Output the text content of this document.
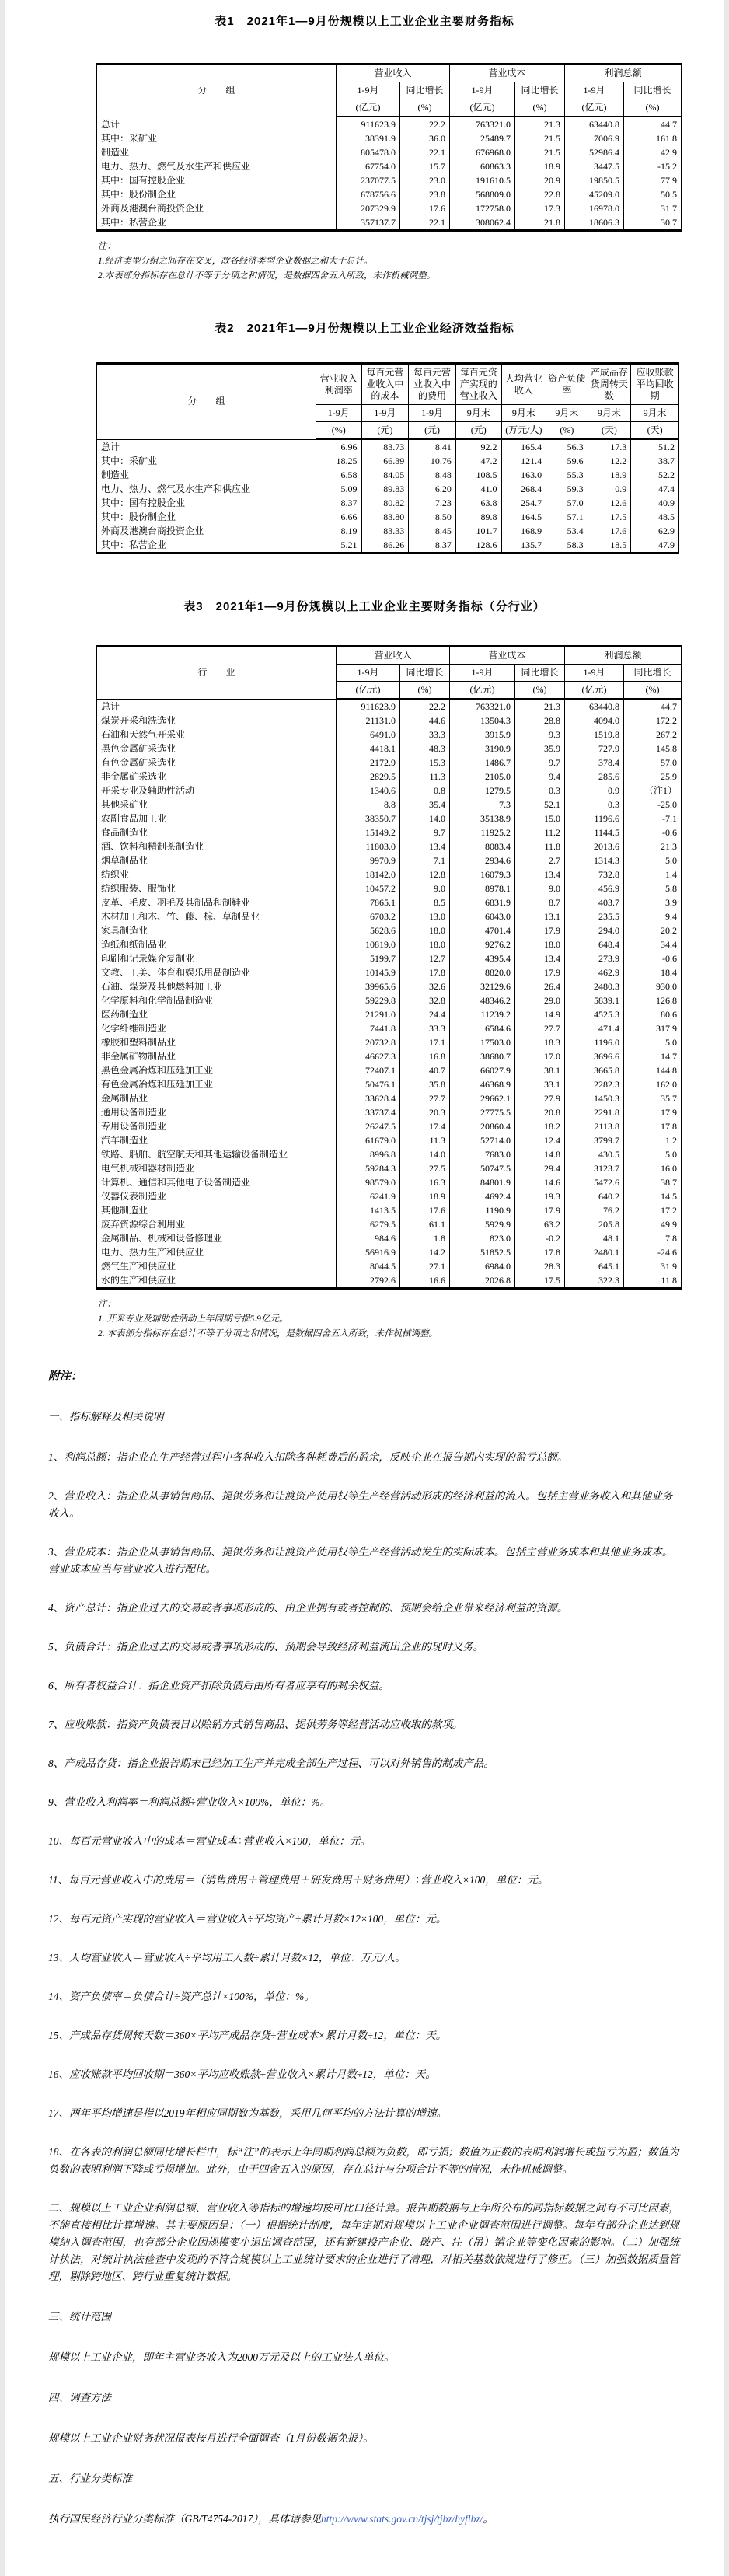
表1　2021年1—9月份规模以上工业企业主要财务指标
分　　组	营业收入		营业成本		利润总额	
	1-9月	同比增长	1-9月	同比增长	1-9月	同比增长
	(亿元)	(%)	(亿元)	(%)	(亿元)	(%)
总计	911623.9	22.2	763321.0	21.3	63440.8	44.7
其中：采矿业	38391.9	36.0	25489.7	21.5	7006.9	161.8
制造业	805478.0	22.1	676968.0	21.5	52986.4	42.9
电力、热力、燃气及水生产和供应业	67754.0	15.7	60863.3	18.9	3447.5	-15.2
其中：国有控股企业	237077.5	23.0	191610.5	20.9	19850.5	77.9
其中：股份制企业	678756.6	23.8	568809.0	22.8	45209.0	50.5
外商及港澳台商投资企业	207329.9	17.6	172758.0	17.3	16978.0	31.7
其中：私营企业	357137.7	22.1	308062.4	21.8	18606.3	30.7

注：

1.经济类型分组之间存在交叉，故各经济类型企业数据之和大于总计。

2.本表部分指标存在总计不等于分项之和情况，是数据四舍五入所致，未作机械调整。

表2　2021年1—9月份规模以上工业企业经济效益指标
分　　组	营业收入利润率	每百元营业收入中的成本	每百元营业收入中的费用	每百元资产实现的营业收入	人均营业收入	资产负债率	产成品存货周转天数	应收账款平均回收期
	1-9月	1-9月	1-9月	9月末	9月末	9月末	9月末	9月末
	(%)	(元)	(元)	(元)	(万元/人)	(%)	(天)	(天)
总计	6.96	83.73	8.41	92.2	165.4	56.3	17.3	51.2
其中：采矿业	18.25	66.39	10.76	47.2	121.4	59.6	12.2	38.7
制造业	6.58	84.05	8.48	108.5	163.0	55.3	18.9	52.2
电力、热力、燃气及水生产和供应业	5.09	89.83	6.20	41.0	268.4	59.3	0.9	47.4
其中：国有控股企业	8.37	80.82	7.23	63.8	254.7	57.0	12.6	40.9
其中：股份制企业	6.66	83.80	8.50	89.8	164.5	57.1	17.5	48.5
外商及港澳台商投资企业	8.19	83.33	8.45	101.7	168.9	53.4	17.6	62.9
其中：私营企业	5.21	86.26	8.37	128.6	135.7	58.3	18.5	47.9
表3　2021年1—9月份规模以上工业企业主要财务指标（分行业）
行　　业	营业收入		营业成本		利润总额	
	1-9月	同比增长	1-9月	同比增长	1-9月	同比增长
	(亿元)	(%)	(亿元)	(%)	(亿元)	(%)
总计	911623.9	22.2	763321.0	21.3	63440.8	44.7
煤炭开采和洗选业	21131.0	44.6	13504.3	28.8	4094.0	172.2
石油和天然气开采业	6491.0	33.3	3915.9	9.3	1519.8	267.2
黑色金属矿采选业	4418.1	48.3	3190.9	35.9	727.9	145.8
有色金属矿采选业	2172.9	15.3	1486.7	9.7	378.4	57.0
非金属矿采选业	2829.5	11.3	2105.0	9.4	285.6	25.9
开采专业及辅助性活动	1340.6	0.8	1279.5	0.3	0.9	（注1）
其他采矿业	8.8	35.4	7.3	52.1	0.3	-25.0
农副食品加工业	38350.7	14.0	35138.9	15.0	1196.6	-7.1
食品制造业	15149.2	9.7	11925.2	11.2	1144.5	-0.6
酒、饮料和精制茶制造业	11803.0	13.4	8083.4	11.8	2013.6	21.3
烟草制品业	9970.9	7.1	2934.6	2.7	1314.3	5.0
纺织业	18142.0	12.8	16079.3	13.4	732.8	1.4
纺织服装、服饰业	10457.2	9.0	8978.1	9.0	456.9	5.8
皮革、毛皮、羽毛及其制品和制鞋业	7865.1	8.5	6831.9	8.7	403.7	3.9
木材加工和木、竹、藤、棕、草制品业	6703.2	13.0	6043.0	13.1	235.5	9.4
家具制造业	5628.6	18.0	4701.4	17.9	294.0	20.2
造纸和纸制品业	10819.0	18.0	9276.2	18.0	648.4	34.4
印刷和记录媒介复制业	5199.7	12.7	4395.4	13.4	273.9	-0.6
文教、工美、体育和娱乐用品制造业	10145.9	17.8	8820.0	17.9	462.9	18.4
石油、煤炭及其他燃料加工业	39965.6	32.6	32129.6	26.4	2480.3	930.0
化学原料和化学制品制造业	59229.8	32.8	48346.2	29.0	5839.1	126.8
医药制造业	21291.0	24.4	11239.2	14.9	4525.3	80.6
化学纤维制造业	7441.8	33.3	6584.6	27.7	471.4	317.9
橡胶和塑料制品业	20732.8	17.1	17503.0	18.3	1196.0	5.0
非金属矿物制品业	46627.3	16.8	38680.7	17.0	3696.6	14.7
黑色金属冶炼和压延加工业	72407.1	40.7	66027.9	38.1	3665.8	144.8
有色金属冶炼和压延加工业	50476.1	35.8	46368.9	33.1	2282.3	162.0
金属制品业	33628.4	27.7	29662.1	27.9	1450.3	35.7
通用设备制造业	33737.4	20.3	27775.5	20.8	2291.8	17.9
专用设备制造业	26247.5	17.4	20860.4	18.2	2113.8	17.8
汽车制造业	61679.0	11.3	52714.0	12.4	3799.7	1.2
铁路、船舶、航空航天和其他运输设备制造业	8996.8	14.0	7683.0	14.8	430.5	5.0
电气机械和器材制造业	59284.3	27.5	50747.5	29.4	3123.7	16.0
计算机、通信和其他电子设备制造业	98579.0	16.3	84801.9	14.6	5472.6	38.7
仪器仪表制造业	6241.9	18.9	4692.4	19.3	640.2	14.5
其他制造业	1413.5	17.6	1190.9	17.9	76.2	17.2
废弃资源综合利用业	6279.5	61.1	5929.9	63.2	205.8	49.9
金属制品、机械和设备修理业	984.6	1.8	823.0	-0.2	48.1	7.8
电力、热力生产和供应业	56916.9	14.2	51852.5	17.8	2480.1	-24.6
燃气生产和供应业	8044.5	27.1	6984.0	28.3	645.1	31.9
水的生产和供应业	2792.6	16.6	2026.8	17.5	322.3	11.8

注：

1. 开采专业及辅助性活动上年同期亏损5.9亿元。

2. 本表部分指标存在总计不等于分项之和情况，是数据四舍五入所致，未作机械调整。

附注：
一、指标解释及相关说明
1、利润总额：指企业在生产经营过程中各种收入扣除各种耗费后的盈余，反映企业在报告期内实现的盈亏总额。
2、营业收入：指企业从事销售商品、提供劳务和让渡资产使用权等生产经营活动形成的经济利益的流入。包括主营业务收入和其他业务收入。
3、营业成本：指企业从事销售商品、提供劳务和让渡资产使用权等生产经营活动发生的实际成本。包括主营业务成本和其他业务成本。营业成本应当与营业收入进行配比。
4、资产总计：指企业过去的交易或者事项形成的、由企业拥有或者控制的、预期会给企业带来经济利益的资源。
5、负债合计：指企业过去的交易或者事项形成的、预期会导致经济利益流出企业的现时义务。
6、所有者权益合计：指企业资产扣除负债后由所有者应享有的剩余权益。
7、应收账款：指资产负债表日以赊销方式销售商品、提供劳务等经营活动应收取的款项。
8、产成品存货：指企业报告期末已经加工生产并完成全部生产过程、可以对外销售的制成产品。
9、营业收入利润率＝利润总额÷营业收入×100%，单位：%。
10、每百元营业收入中的成本＝营业成本÷营业收入×100，单位：元。
11、每百元营业收入中的费用＝（销售费用＋管理费用＋研发费用＋财务费用）÷营业收入×100，单位：元。
12、每百元资产实现的营业收入＝营业收入÷平均资产÷累计月数×12×100，单位：元。
13、人均营业收入＝营业收入÷平均用工人数÷累计月数×12，单位：万元/人。
14、资产负债率＝负债合计÷资产总计×100%，单位：%。
15、产成品存货周转天数＝360×平均产成品存货÷营业成本×累计月数÷12，单位：天。
16、应收账款平均回收期＝360×平均应收账款÷营业收入×累计月数÷12，单位：天。
17、两年平均增速是指以2019年相应同期数为基数，采用几何平均的方法计算的增速。
18、在各表的利润总额同比增长栏中，标“注”的表示上年同期利润总额为负数，即亏损；数值为正数的表明利润增长或扭亏为盈；数值为负数的表明利润下降或亏损增加。此外，由于四舍五入的原因，存在总计与分项合计不等的情况，未作机械调整。
二、规模以上工业企业利润总额、营业收入等指标的增速均按可比口径计算。报告期数据与上年所公布的同指标数据之间有不可比因素，不能直接相比计算增速。其主要原因是：（一）根据统计制度，每年定期对规模以上工业企业调查范围进行调整。每年有部分企业达到规模纳入调查范围，也有部分企业因规模变小退出调查范围，还有新建投产企业、破产、注（吊）销企业等变化因素的影响。（二）加强统计执法，对统计执法检查中发现的不符合规模以上工业统计要求的企业进行了清理，对相关基数依规进行了修正。（三）加强数据质量管理，剔除跨地区、跨行业重复统计数据。
三、统计范围
规模以上工业企业，即年主营业务收入为2000万元及以上的工业法人单位。
四、调查方法
规模以上工业企业财务状况报表按月进行全面调查（1月份数据免报）。
五、行业分类标准
执行国民经济行业分类标准（GB/T4754-2017），具体请参见http://www.stats.gov.cn/tjsj/tjbz/hyflbz/。
